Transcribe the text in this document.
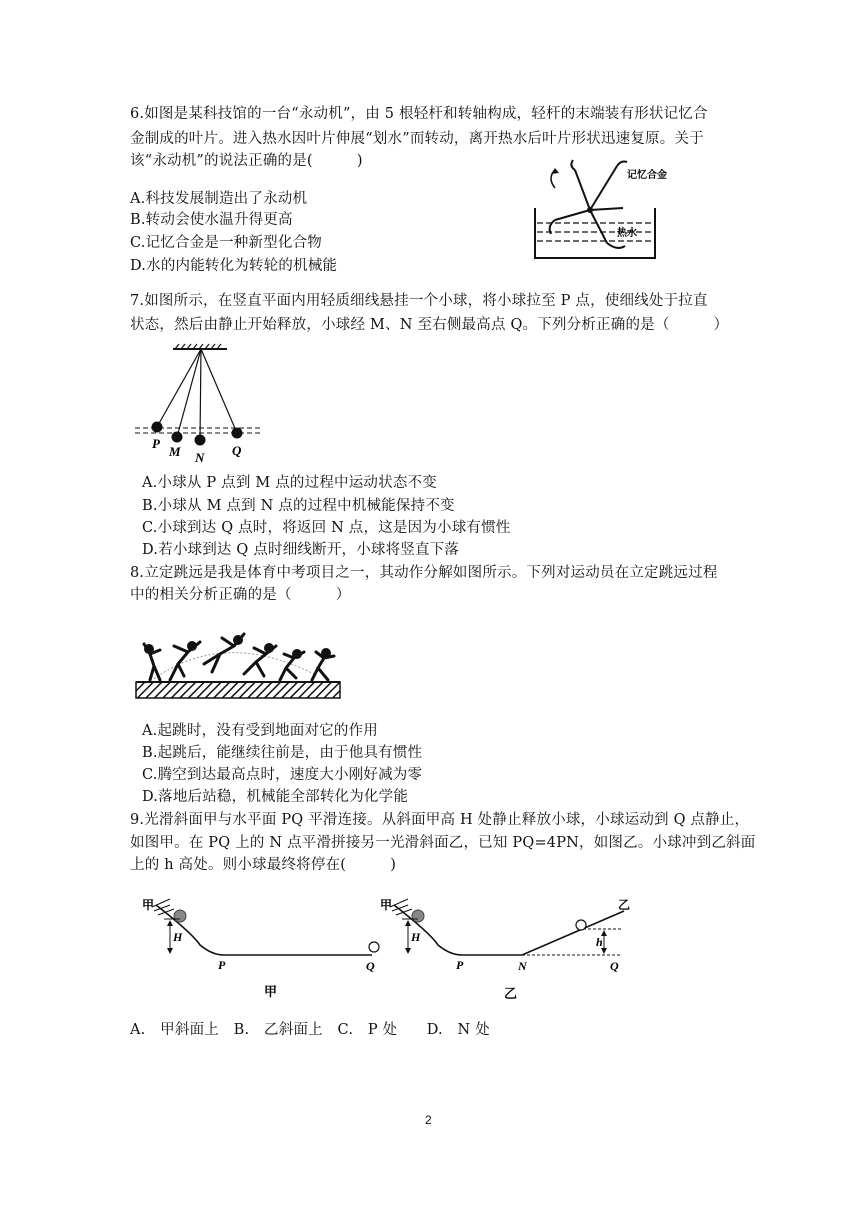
6.如图是某科技馆的一台“永动机”，由 5 根轻杆和转轴构成，轻杆的末端装有形状记忆合
金制成的叶片。进入热水因叶片伸展“划水”而转动，离开热水后叶片形状迅速复原。关于
该“永动机”的说法正确的是(　　　)
A.科技发展制造出了永动机
B.转动会使水温升得更高
C.记忆合金是一种新型化合物
D.水的内能转化为转轮的机械能
记忆合金
热水
7.如图所示，在竖直平面内用轻质细线悬挂一个小球，将小球拉至 P 点，使细线处于拉直
状态，然后由静止开始释放，小球经 M、N 至右侧最高点 Q。下列分析正确的是（　　　）
P
M N Q
A.小球从 P 点到 M 点的过程中运动状态不变
B.小球从 M 点到 N 点的过程中机械能保持不变
C.小球到达 Q 点时，将返回 N 点，这是因为小球有惯性
D.若小球到达 Q 点时细线断开，小球将竖直下落
8.立定跳远是我是体育中考项目之一，其动作分解如图所示。下列对运动员在立定跳远过程
中的相关分析正确的是（　　　）
A.起跳时，没有受到地面对它的作用
B.起跳后，能继续往前是，由于他具有惯性
C.腾空到达最高点时，速度大小刚好减为零
D.落地后站稳，机械能全部转化为化学能
9.光滑斜面甲与水平面 PQ 平滑连接。从斜面甲高 H 处静止释放小球，小球运动到 Q 点静止，
如图甲。在 PQ 上的 N 点平滑拼接另一光滑斜面乙，已知 PQ=4PN，如图乙。小球冲到乙斜面
上的 h 高处。则小球最终将停在(　　　)
甲
H
P	Q
甲
甲
H
P
h
乙
N	Q
乙
A.　甲斜面上　B.　乙斜面上　C.　P 处　　D.　N 处
2
